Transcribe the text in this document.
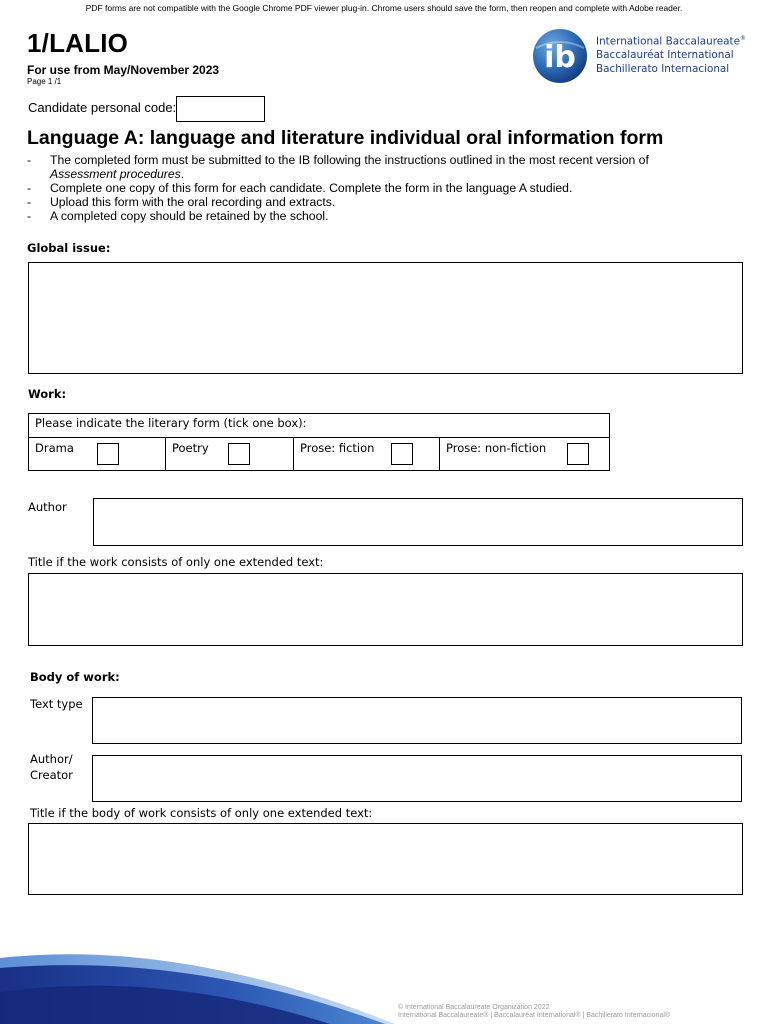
PDF forms are not compatible with the Google Chrome PDF viewer plug-in. Chrome users should save the form, then reopen and complete with Adobe reader.
1/LALIO
For use from May/November 2023
Page 1 /1
ib International Baccalaureate®
Baccalauréat International
Bachillerato Internacional
Candidate personal code:
Language A: language and literature individual oral information form
- The completed form must be submitted to the IB following the instructions outlined in the most recent version of
Assessment procedures.
- Complete one copy of this form for each candidate. Complete the form in the language A studied.
- Upload this form with the oral recording and extracts.
- A completed copy should be retained by the school.
Global issue:
Work:
Please indicate the literary form (tick one box):
Drama	Poetry	Prose: fiction	Prose: non-fiction
Author
Title if the work consists of only one extended text:
Body of work:
Text type
Author/
Creator
Title if the body of work consists of only one extended text:
© International Baccalaureate Organization 2022
International Baccalaureate® | Baccalauréat International® | Bachillerato Internacional®
